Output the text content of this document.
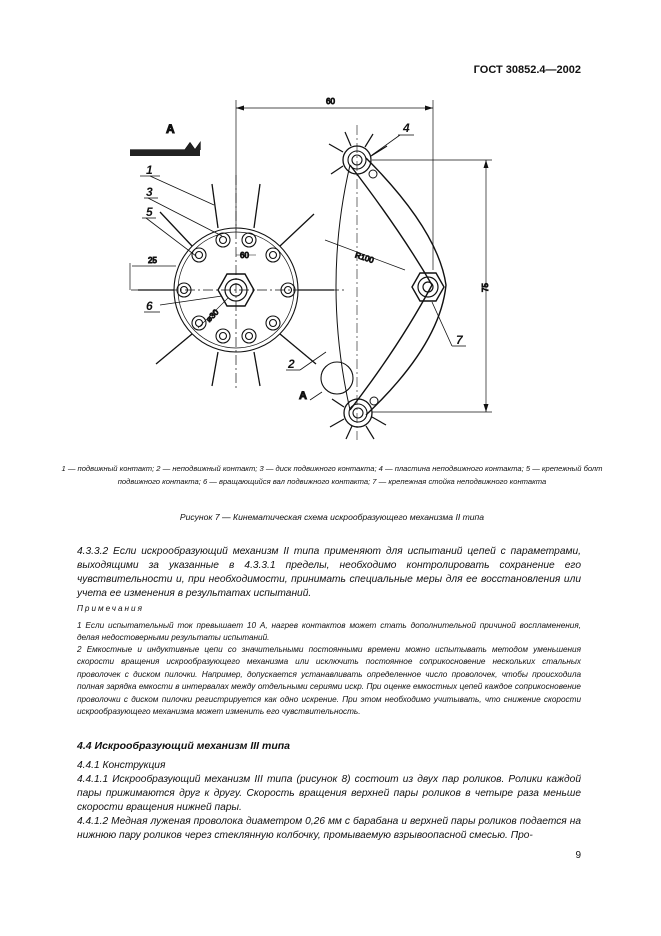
ГОСТ 30852.4—2002
A
60
⌀30
25
60
R100
75
A
1
3
5
6
2
4
7
1 — подвижный контакт; 2 — неподвижный контакт; 3 — диск подвижного контакта; 4 — пластина неподвижного контакта; 5 — крепежный болт подвижного контакта; 6 — вращающийся вал подвижного контакта; 7 — крепежная стойка неподвижного контакта
Рисунок 7 — Кинематическая схема искрообразующего механизма II типа

4.3.3.2 Если искрообразующий механизм II типа применяют для испытаний цепей с параметрами, выходящими за указанные в 4.3.3.1 пределы, необходимо контролировать сохранение его чувствительности и, при необходимости, принимать специальные меры для ее восстановления или учета ее изменения в результатах испытаний.

Примечания

1 Если испытательный ток превышает 10 А, нагрев контактов может стать дополнительной причиной воспламенения, делая недостоверными результаты испытаний.

2 Емкостные и индуктивные цепи со значительными постоянными времени можно испытывать методом уменьшения скорости вращения искрообразующего механизма или исключить постоянное соприкосновение нескольких стальных проволочек с диском пилочки. Например, допускается устанавливать определенное число проволочек, чтобы происходила полная зарядка емкости в интервалах между отдельными сериями искр. При оценке емкостных цепей каждое соприкосновение проволочки с диском пилочки регистрируется как одно искрение. При этом необходимо учитывать, что снижение скорости искрообразующего механизма может изменить его чувствительность.

4.4 Искрообразующий механизм III типа
4.4.1 Конструкция

4.4.1.1 Искрообразующий механизм III типа (рисунок 8) состоит из двух пар роликов. Ролики каждой пары прижимаются друг к другу. Скорость вращения верхней пары роликов в четыре раза меньше скорости вращения нижней пары.

4.4.1.2 Медная луженая проволока диаметром 0,26 мм с барабана и верхней пары роликов подается на нижнюю пару роликов через стеклянную колбочку, промываемую взрывоопасной смесью. Про-

9
